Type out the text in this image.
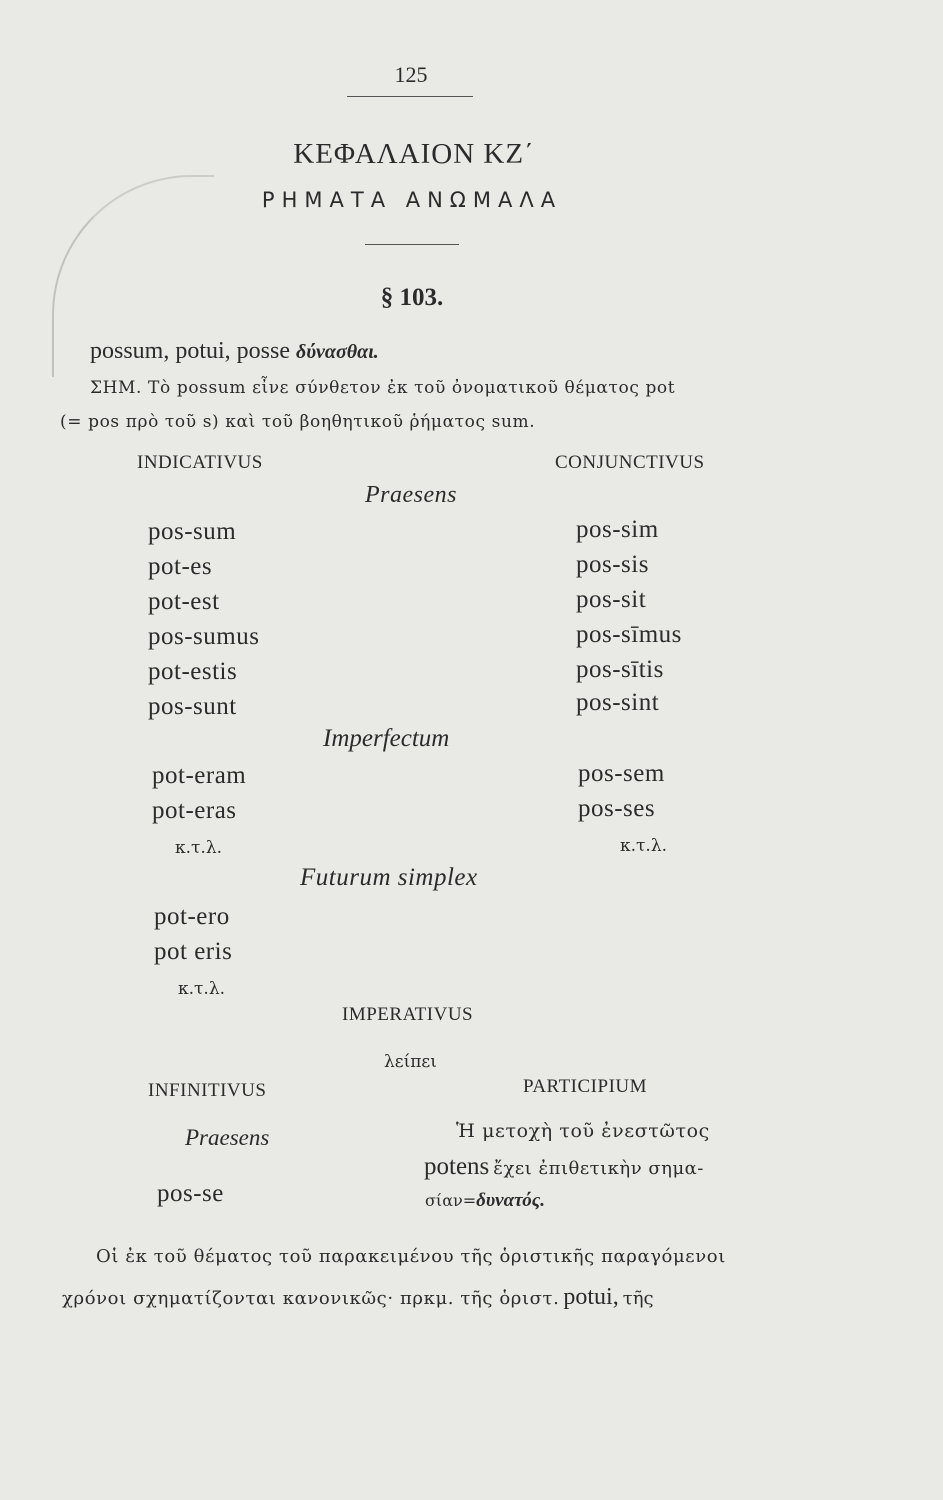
125
ΚΕΦΑΛΑΙΟΝ ΚΖ΄
ΡΗΜΑΤΑ ΑΝΩΜΑΛΑ
§ 103.
possum, potui, posse δύνασθαι.
ΣΗΜ. Τὸ possum εἶνε σύνθετον ἐκ τοῦ ὀνοματικοῦ θέματος pot
(= pos πρὸ τοῦ s) καὶ τοῦ βοηθητικοῦ ῥήματος sum.
INDICATIVUS	CONJUNCTIVUS
Praesens
pos-sum
pot-es
pot-est
pos-sumus
pot-estis
pos-sunt
pos-sim
pos-sis
pos-sit
pos-sīmus
pos-sītis
pos-sint
Imperfectum
pot-eram
pot-eras
κ.τ.λ.
pos-sem
pos-ses
κ.τ.λ.
Futurum simplex
pot-ero
pot eris
κ.τ.λ.
IMPERATIVUS
λείπει
INFINITIVUS	PARTICIPIUM
Praesens
pos-se
Ἡ μετοχὴ τοῦ ἐνεστῶτος
potens ἔχει ἐπιθετικὴν σημα-
σίαν=δυνατός.
Οἱ ἐκ τοῦ θέματος τοῦ παρακειμένου τῆς ὁριστικῆς παραγόμενοι
χρόνοι σχηματίζονται κανονικῶς· πρκμ. τῆς ὁριστ. potui, τῆς
